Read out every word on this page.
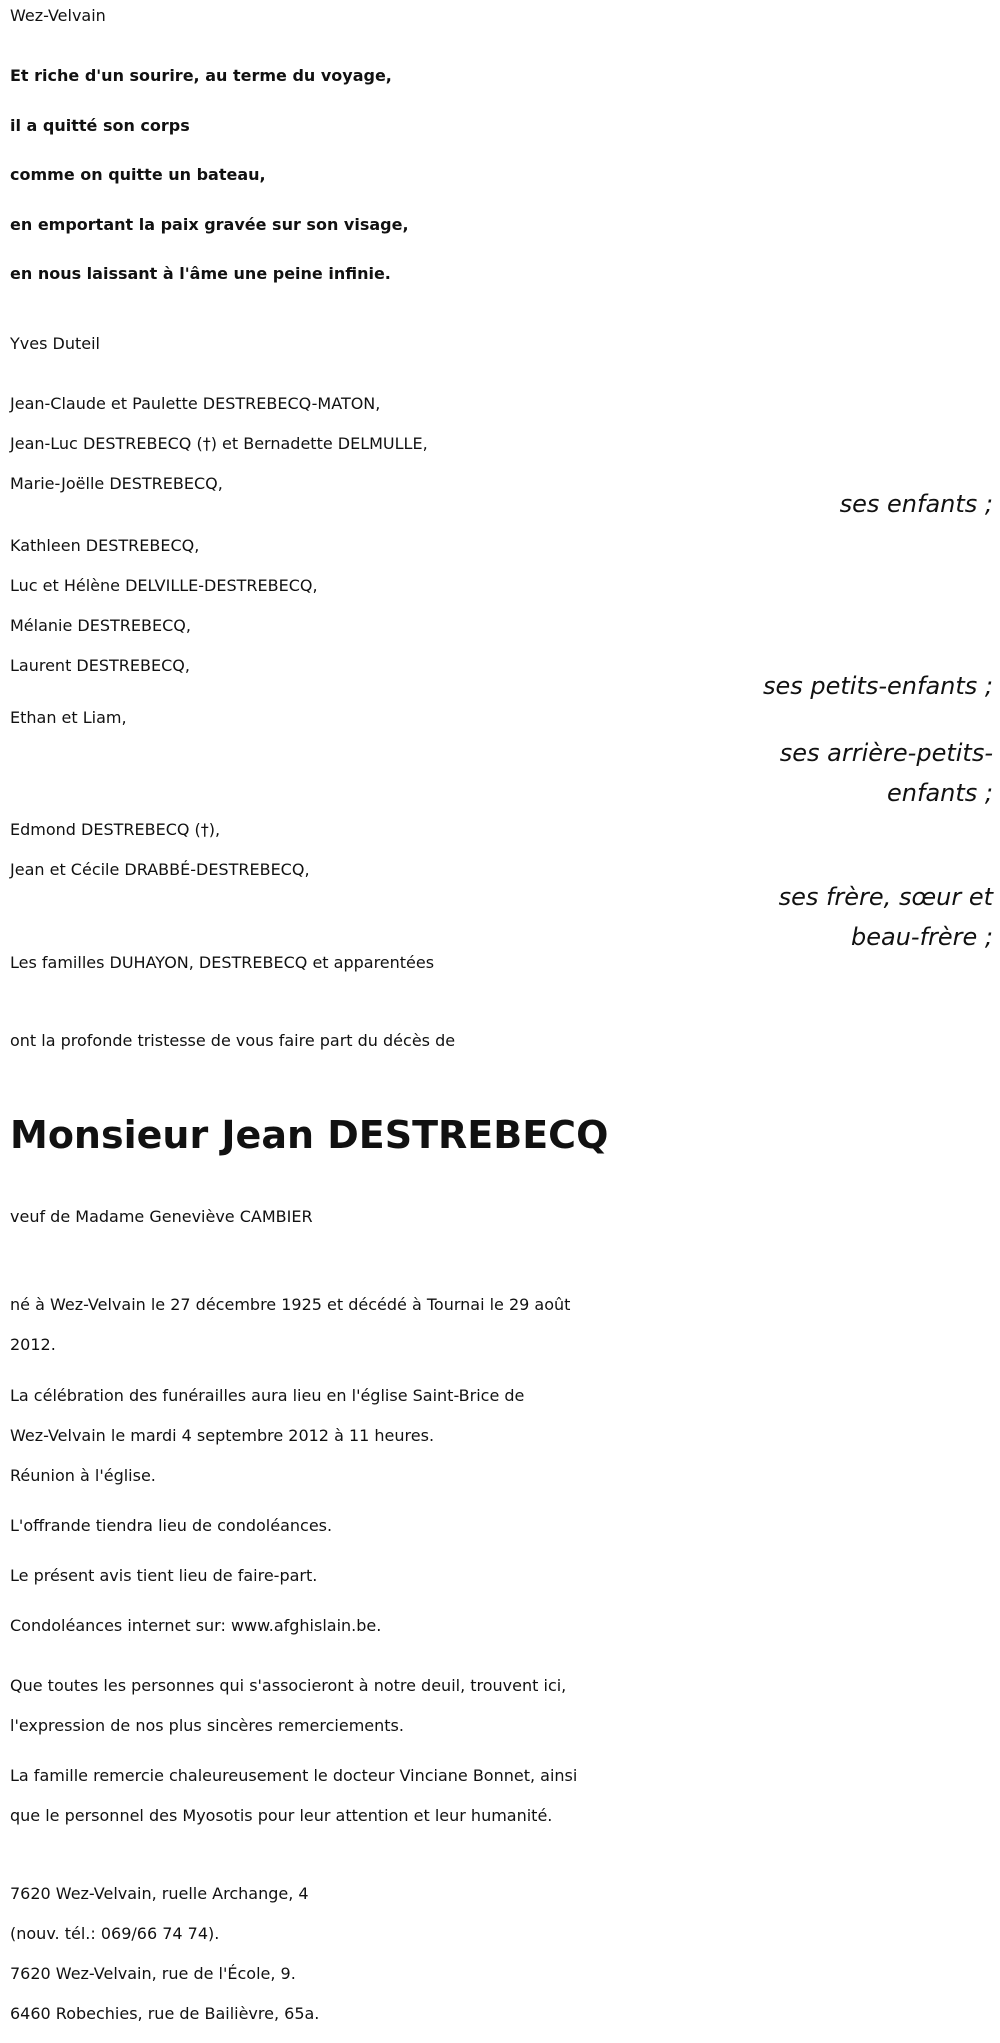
Wez-Velvain
Et riche d'un sourire, au terme du voyage,
il a quitté son corps
comme on quitte un bateau,
en emportant la paix gravée sur son visage,
en nous laissant à l'âme une peine infinie.
Yves Duteil
Jean-Claude et Paulette DESTREBECQ-MATON,
Jean-Luc DESTREBECQ (†) et Bernadette DELMULLE,
Marie-Joëlle DESTREBECQ,
ses enfants ;
Kathleen DESTREBECQ,
Luc et Hélène DELVILLE-DESTREBECQ,
Mélanie DESTREBECQ,
Laurent DESTREBECQ,
ses petits-enfants ;
Ethan et Liam,
ses arrière-petits-
enfants ;
Edmond DESTREBECQ (†),
Jean et Cécile DRABBÉ-DESTREBECQ,
ses frère, sœur et
beau-frère ;
Les familles DUHAYON, DESTREBECQ et apparentées
ont la profonde tristesse de vous faire part du décès de
Monsieur Jean DESTREBECQ
veuf de Madame Geneviève CAMBIER
né à Wez-Velvain le 27 décembre 1925 et décédé à Tournai le 29 août
2012.
La célébration des funérailles aura lieu en l'église Saint-Brice de
Wez-Velvain le mardi 4 septembre 2012 à 11 heures.
Réunion à l'église.
L'offrande tiendra lieu de condoléances.
Le présent avis tient lieu de faire-part.
Condoléances internet sur: www.afghislain.be.
Que toutes les personnes qui s'associeront à notre deuil, trouvent ici,
l'expression de nos plus sincères remerciements.
La famille remercie chaleureusement le docteur Vinciane Bonnet, ainsi
que le personnel des Myosotis pour leur attention et leur humanité.
7620 Wez-Velvain, ruelle Archange, 4
(nouv. tél.: 069/66 74 74).
7620 Wez-Velvain, rue de l'École, 9.
6460 Robechies, rue de Bailièvre, 65a.
